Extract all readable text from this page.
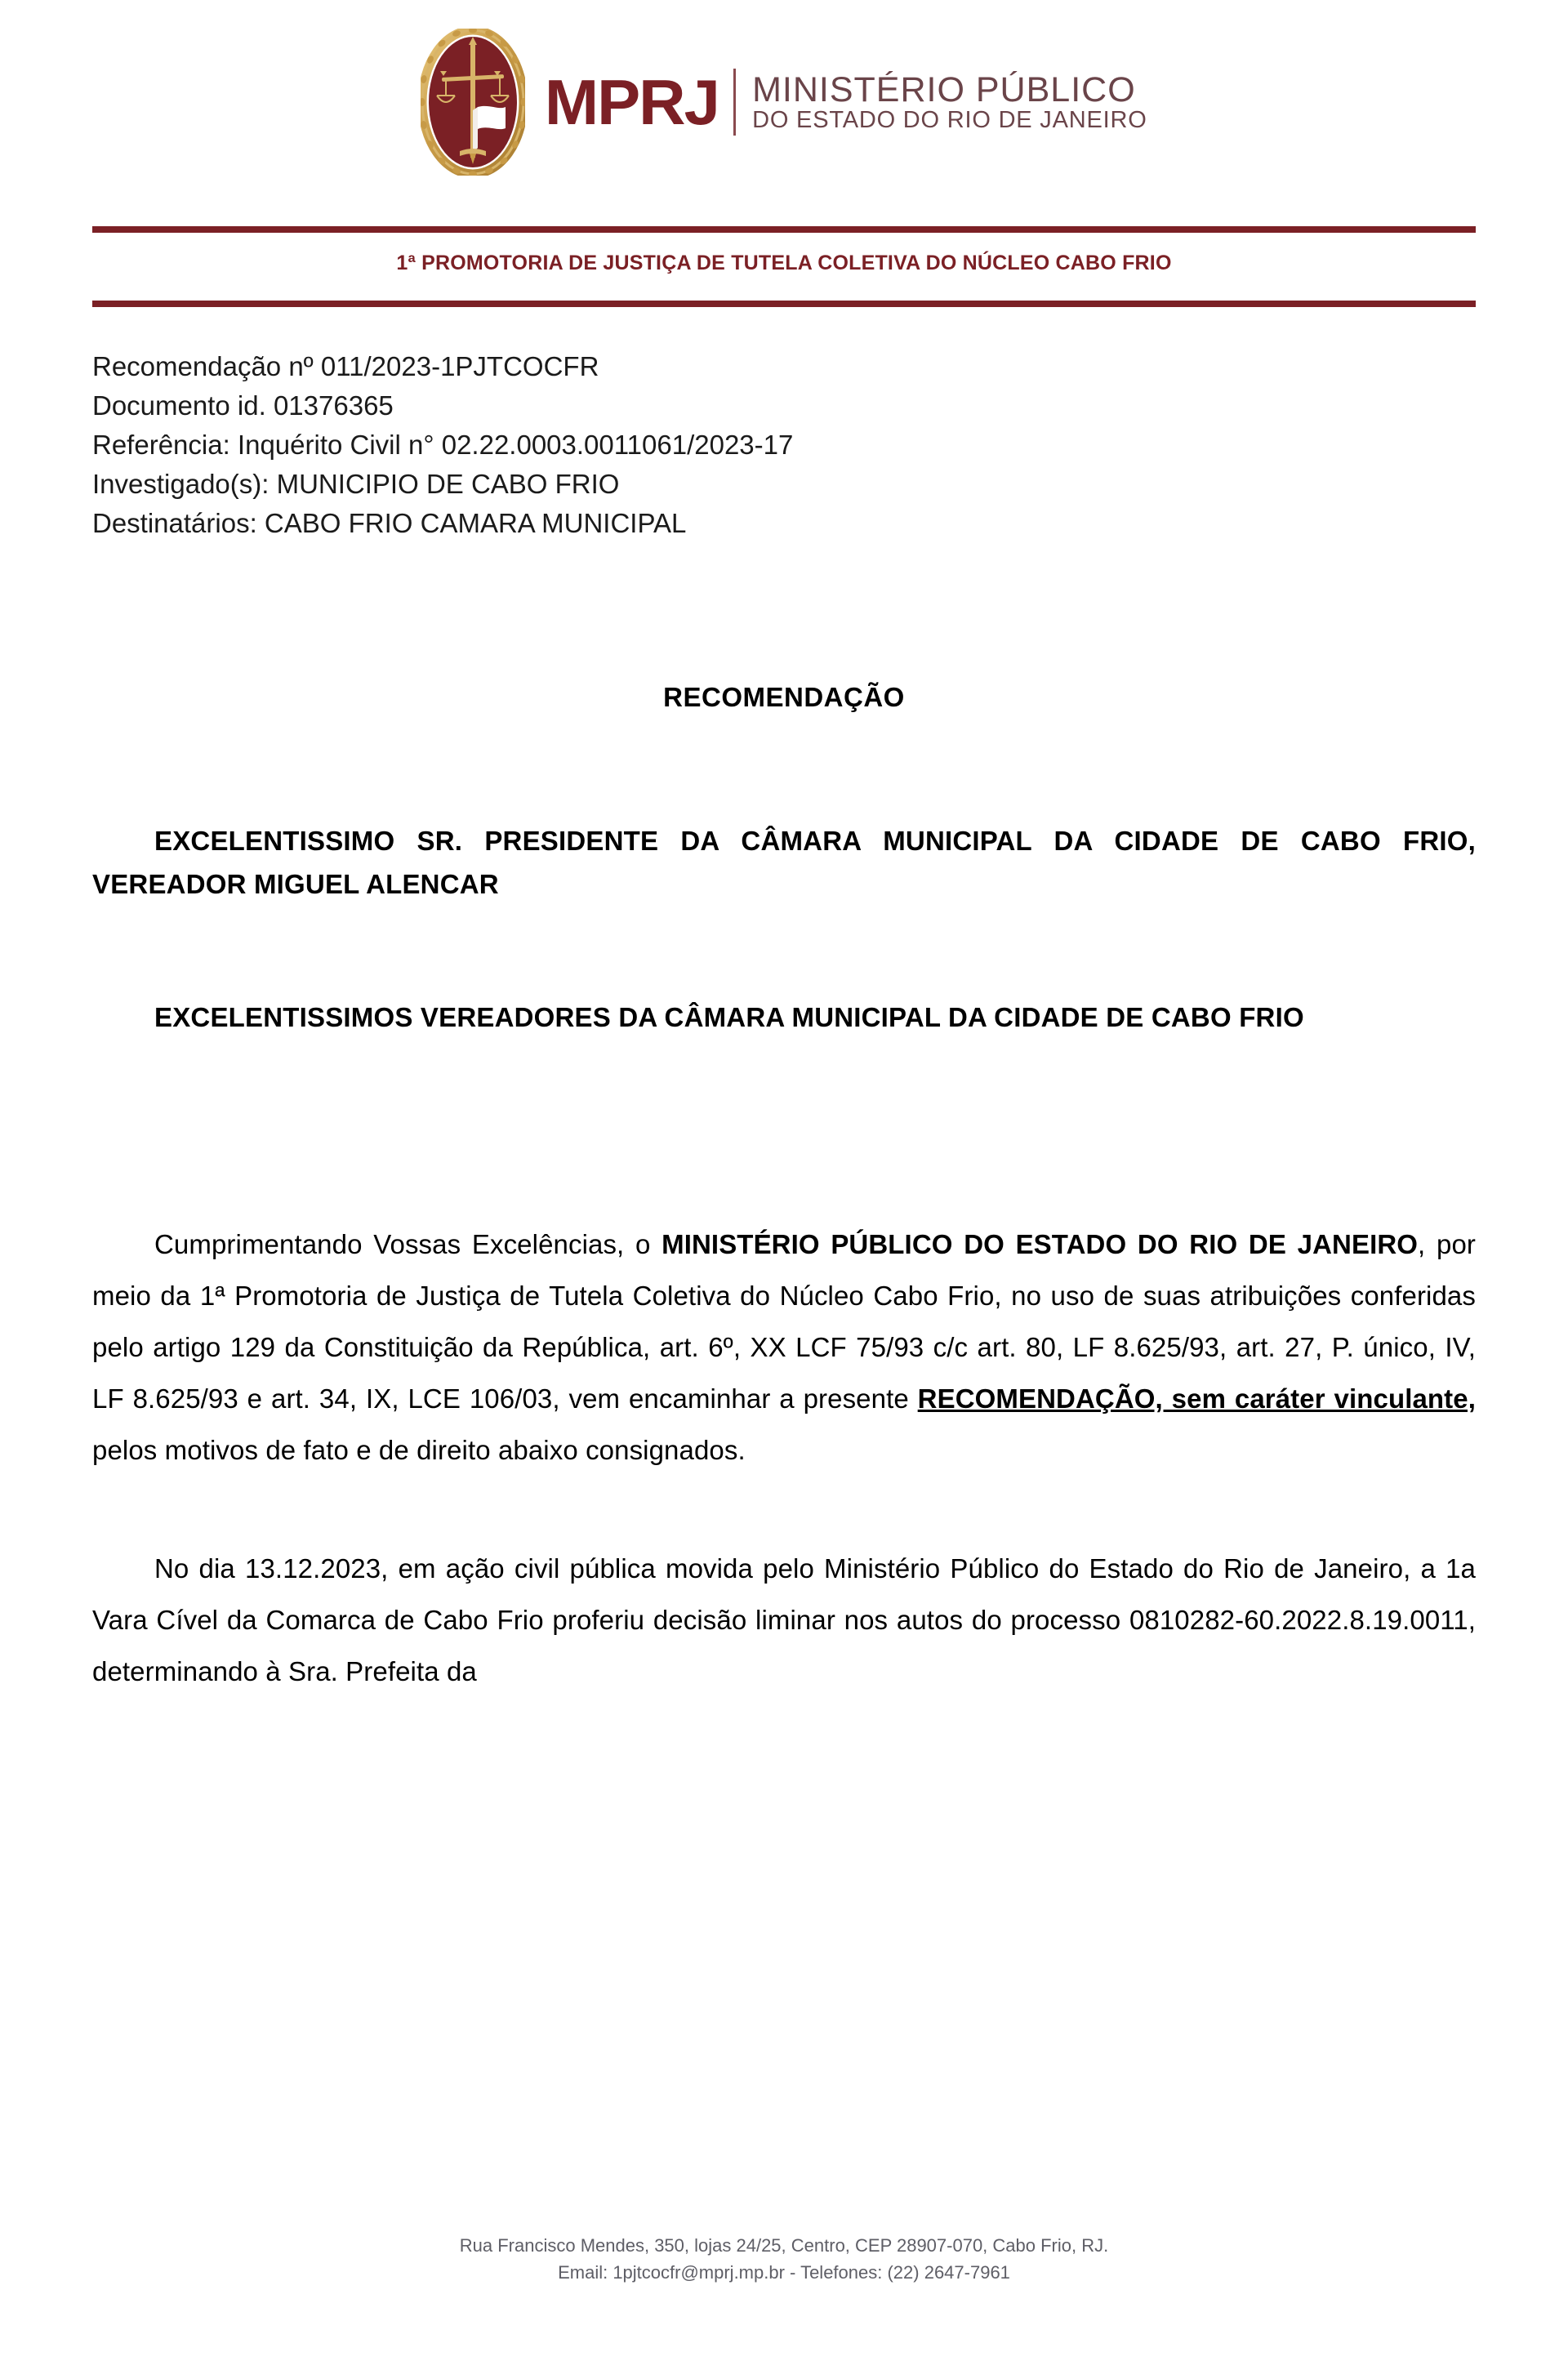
MPRJ MINISTÉRIO PÚBLICO
DO ESTADO DO RIO DE JANEIRO
1ª PROMOTORIA DE JUSTIÇA DE TUTELA COLETIVA DO NÚCLEO CABO FRIO
Recomendação nº 011/2023-1PJTCOCFR
Documento id. 01376365
Referência: Inquérito Civil n° 02.22.0003.0011061/2023-17
Investigado(s): MUNICIPIO DE CABO FRIO
Destinatários: CABO FRIO CAMARA MUNICIPAL
RECOMENDAÇÃO
EXCELENTISSIMO SR. PRESIDENTE DA CÂMARA MUNICIPAL DA CIDADE DE CABO FRIO, VEREADOR MIGUEL ALENCAR
EXCELENTISSIMOS VEREADORES DA CÂMARA MUNICIPAL DA CIDADE DE CABO FRIO

Cumprimentando Vossas Excelências, o MINISTÉRIO PÚBLICO DO ESTADO DO RIO DE JANEIRO, por meio da 1ª Promotoria de Justiça de Tutela Coletiva do Núcleo Cabo Frio, no uso de suas atribuições conferidas pelo artigo 129 da Constituição da República, art. 6º, XX LCF 75/93 c/c art. 80, LF 8.625/93, art. 27, P. único, IV, LF 8.625/93 e art. 34, IX, LCE 106/03, vem encaminhar a presente RECOMENDAÇÃO, sem caráter vinculante, pelos motivos de fato e de direito abaixo consignados.

No dia 13.12.2023, em ação civil pública movida pelo Ministério Público do Estado do Rio de Janeiro, a 1a Vara Cível da Comarca de Cabo Frio proferiu decisão liminar nos autos do processo 0810282-60.2022.8.19.0011, determinando à Sra. Prefeita da

Rua Francisco Mendes, 350, lojas 24/25, Centro, CEP 28907-070, Cabo Frio, RJ.
Email: 1pjtcocfr@mprj.mp.br - Telefones: (22) 2647-7961
